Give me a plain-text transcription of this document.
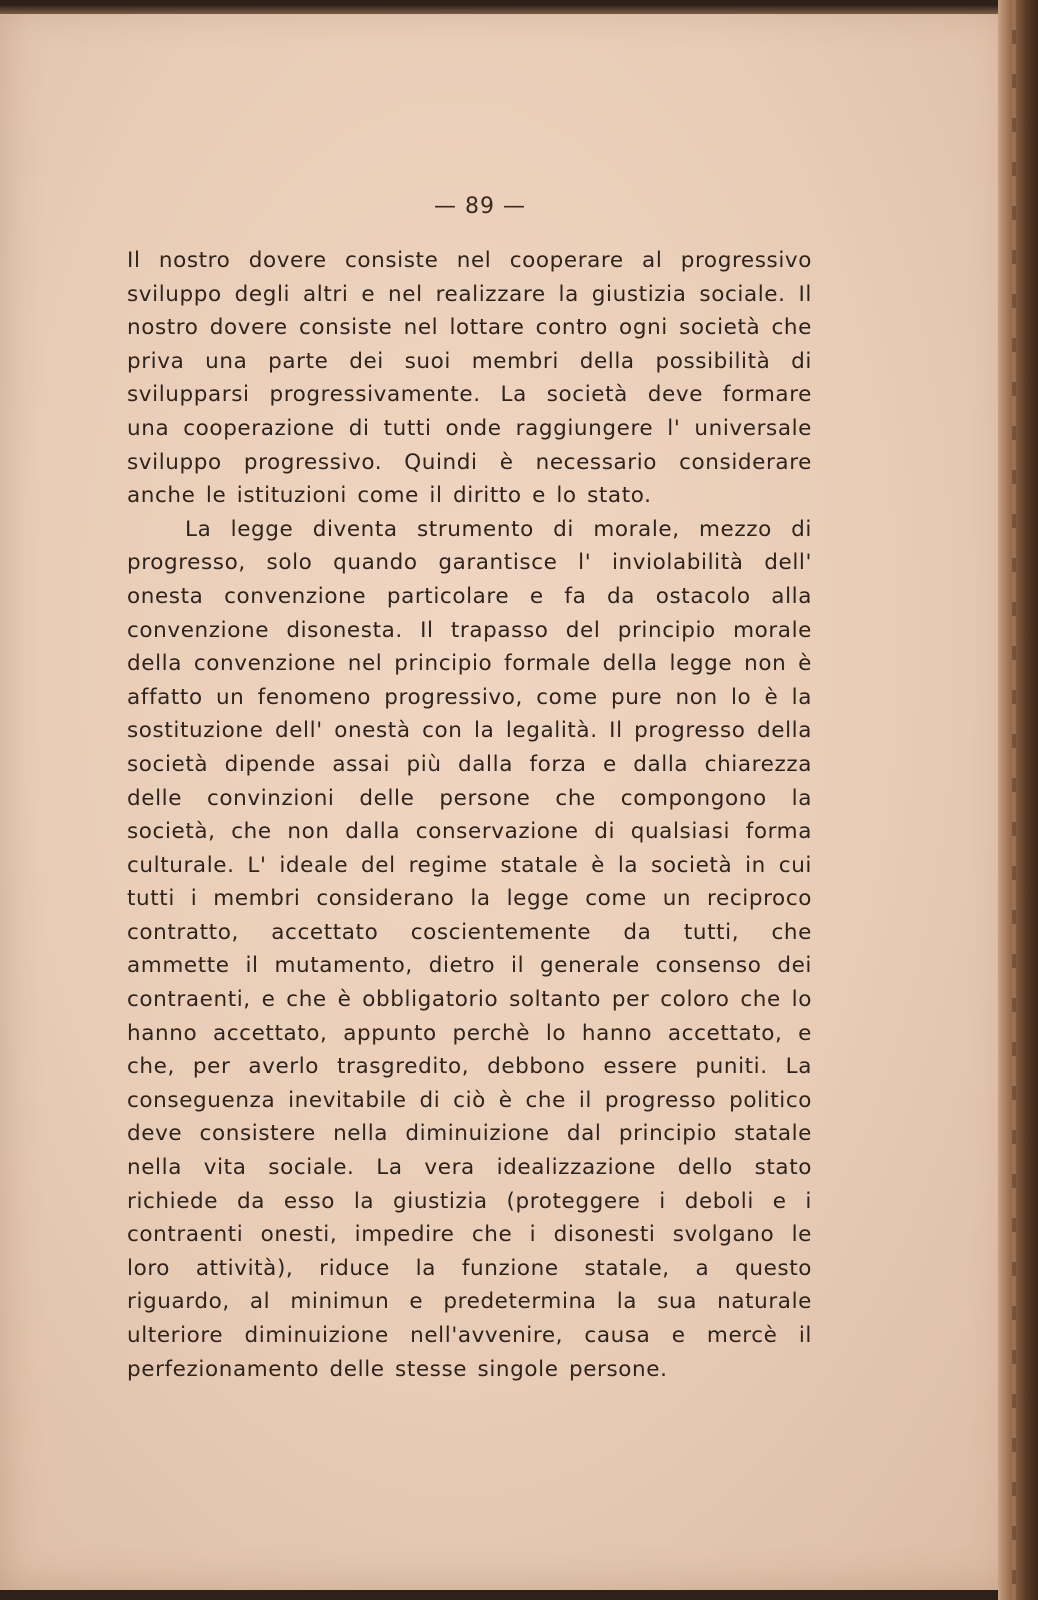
— 89 —

Il nostro dovere consiste nel cooperare al progressivo sviluppo degli altri e nel realizzare la giustizia sociale. Il nostro dovere consiste nel lottare contro ogni società che priva una parte dei suoi membri della possibilità di svilupparsi progressivamente. La società deve formare una cooperazione di tutti onde raggiungere l' universale sviluppo progressivo. Quindi è necessario considerare anche le istituzioni come il diritto e lo stato.

La legge diventa strumento di morale, mezzo di progresso, solo quando garantisce l' inviolabilità dell' onesta convenzione particolare e fa da ostacolo alla convenzione disonesta. Il trapasso del principio morale della convenzione nel principio formale della legge non è affatto un fenomeno progressivo, come pure non lo è la sostituzione dell' onestà con la legalità. Il progresso della società dipende assai più dalla forza e dalla chiarezza delle convinzioni delle persone che compongono la società, che non dalla conservazione di qualsiasi forma culturale. L' ideale del regime statale è la società in cui tutti i membri considerano la legge come un reciproco contratto, accettato coscientemente da tutti, che ammette il mutamento, dietro il generale consenso dei contraenti, e che è obbligatorio soltanto per coloro che lo hanno accettato, appunto perchè lo hanno accettato, e che, per averlo trasgredito, debbono essere puniti. La conseguenza inevitabile di ciò è che il progresso politico deve consistere nella diminuizione dal principio statale nella vita sociale. La vera idealizzazione dello stato richiede da esso la giustizia (proteggere i deboli e i contraenti onesti, impedire che i disonesti svolgano le loro attività), riduce la funzione statale, a questo riguardo, al minimun e predetermina la sua naturale ulteriore diminuizione nell'avvenire, causa e mercè il perfezionamento delle stesse singole persone.
